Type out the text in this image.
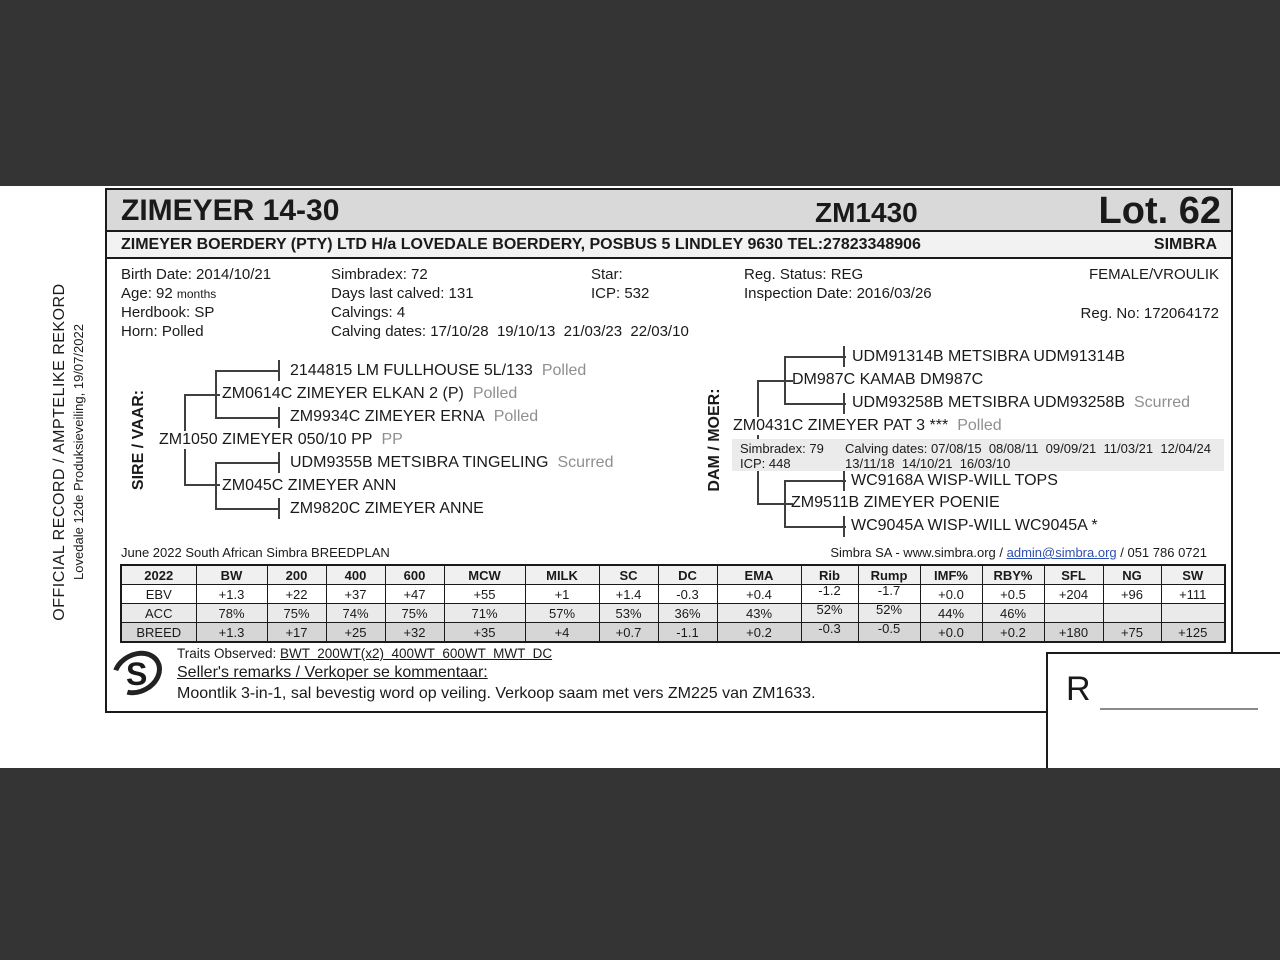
OFFICIAL RECORD / AMPTELIKE REKORD Lovedale 12de Produksieveiling, 19/07/2022
ZIMEYER 14-30	ZM1430	Lot. 62
ZIMEYER BOERDERY (PTY) LTD H/a LOVEDALE BOERDERY, POSBUS 5 LINDLEY 9630 TEL:27823348906	SIMBRA
Birth Date: 2014/10/21
Age: 92 months
Herdbook: SP
Horn: Polled
Simbradex: 72
Days last calved: 131
Calvings: 4
Calving dates: 17/10/28  19/10/13  21/03/23  22/03/10
Star:
ICP: 532
Reg. Status: REG
Inspection Date: 2016/03/26
FEMALE/VROULIK
Reg. No: 172064172
SIRE / VAAR:	DAM / MOER:
2144815 LM FULLHOUSE 5L/133 Polled
ZM0614C ZIMEYER ELKAN 2 (P) Polled
ZM9934C ZIMEYER ERNA Polled
ZM1050 ZIMEYER 050/10 PP PP
UDM9355B METSIBRA TINGELING Scurred
ZM045C ZIMEYER ANN
ZM9820C ZIMEYER ANNE
UDM91314B METSIBRA UDM91314B
DM987C KAMAB DM987C
UDM93258B METSIBRA UDM93258B Scurred
ZM0431C ZIMEYER PAT 3 *** Polled
WC9168A WISP-WILL TOPS
ZM9511B ZIMEYER POENIE
WC9045A WISP-WILL WC9045A *
Simbradex: 79
ICP: 448
Calving dates: 07/08/15  08/08/11  09/09/21  11/03/21  12/04/24
13/11/18  14/10/21  16/03/10
June 2022 South African Simbra BREEDPLAN	Simbra SA - www.simbra.org / admin@simbra.org / 051 786 0721
2022	BW	200	400	600	MCW	MILK	SC	DC	EMA	Rib	Rump	IMF%	RBY%	SFL	NG	SW
EBV	+1.3	+22	+37	+47	+55	+1	+1.4	-0.3	+0.4	-1.2	-1.7	+0.0	+0.5	+204	+96	+111
ACC	78%	75%	74%	75%	71%	57%	53%	36%	43%	52%	52%	44%	46%			
BREED	+1.3	+17	+25	+32	+35	+4	+0.7	-1.1	+0.2	-0.3	-0.5	+0.0	+0.2	+180	+75	+125
Traits Observed: BWT  200WT(x2)  400WT  600WT  MWT  DC
Seller's remarks / Verkoper se kommentaar:
Moontlik 3-in-1, sal bevestig word op veiling. Verkoop saam met vers ZM225 van ZM1633.
S	R
